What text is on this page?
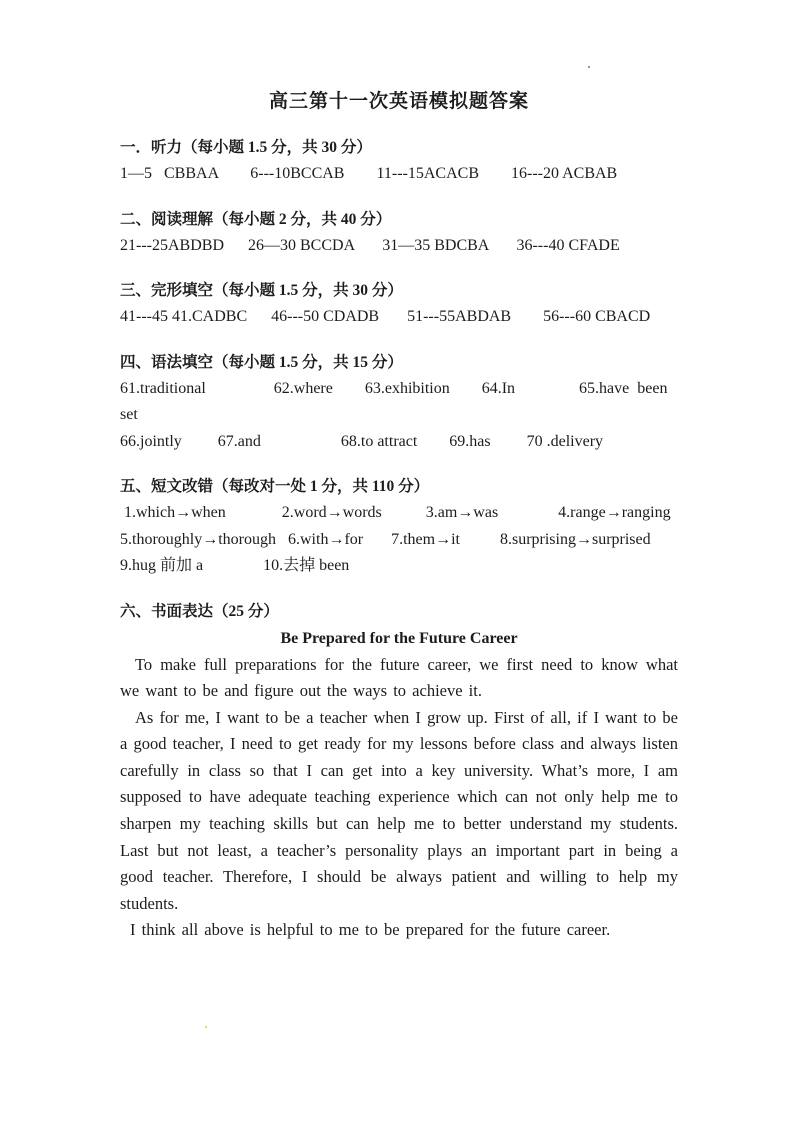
高三第十一次英语模拟题答案
一．听力（每小题 1.5 分，共 30 分）
1—5   CBBAA        6---10BCCAB        11---15ACACB        16---20 ACBAB
二、阅读理解（每小题 2 分，共 40 分）
21---25ABDBD      26—30 BCCDA       31—35 BDCBA       36---40 CFADE
三、完形填空（每小题 1.5 分，共 30 分）
41---45 41.CADBC      46---50 CDADB       51---55ABDAB        56---60 CBACD
四、语法填空（每小题 1.5 分，共 15 分）
61.traditional                 62.where        63.exhibition        64.In                65.have  been  set
66.jointly         67.and                    68.to attract        69.has         70 .delivery
五、短文改错（每改对一处 1 分，共 110 分）
1.which→when              2.word→words           3.am→was               4.range→ranging
5.thoroughly→thorough   6.with→for       7.them→it          8.surprising→surprised
9.hug 前加 a               10.去掉 been
六、书面表达（25 分）
Be Prepared for the Future Career

To make full preparations for the future career, we first need to know what we want to be and figure out the ways to achieve it.

As for me, I want to be a teacher when I grow up. First of all, if I want to be a good teacher, I need to get ready for my lessons before class and always listen carefully in class so that I can get into a key university. What’s more, I am supposed to have adequate teaching experience which can not only help me to sharpen my teaching skills but can help me to better understand my students. Last but not least, a teacher’s personality plays an important part in being a good teacher. Therefore, I should be always patient and willing to help my students.

I think all above is helpful to me to be prepared for the future career.
